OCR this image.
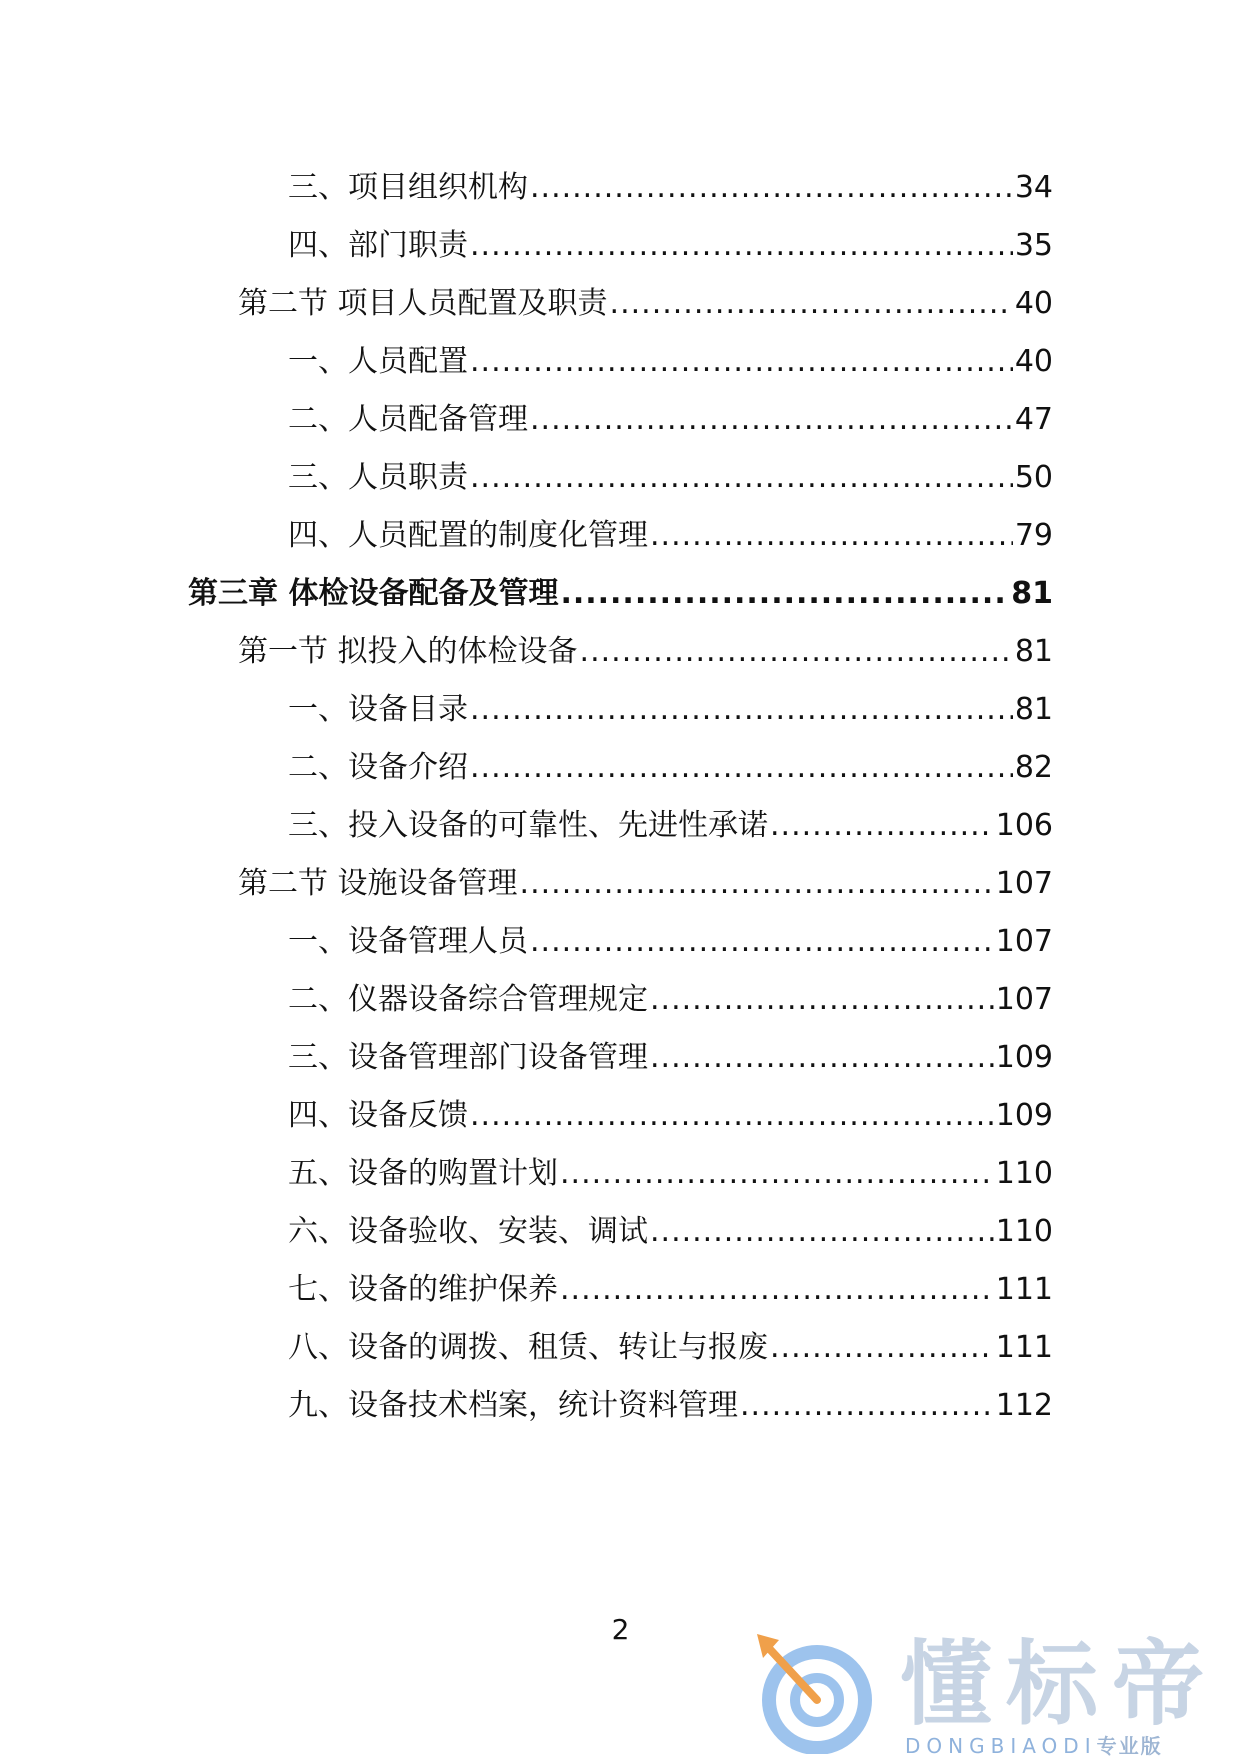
三、项目组织机构 .....	34
四、部门职责 .....	35
第二节 项目人员配置及职责 .....	40
一、人员配置 .....	40
二、人员配备管理 .....	47
三、人员职责 .....	50
四、人员配置的制度化管理 .....	79
第三章 体检设备配备及管理 .....	81
第一节 拟投入的体检设备 .....	81
一、设备目录 .....	81
二、设备介绍 .....	82
三、投入设备的可靠性、先进性承诺 .....	106
第二节 设施设备管理 .....	107
一、设备管理人员 .....	107
二、仪器设备综合管理规定 .....	107
三、设备管理部门设备管理 .....	109
四、设备反馈 .....	109
五、设备的购置计划 .....	110
六、设备验收、安装、调试 .....	110
七、设备的维护保养 .....	111
八、设备的调拨、租赁、转让与报废 .....	111
九、设备技术档案，统计资料管理 .....	112
2
懂标帝
DONGBIAODI专业版
